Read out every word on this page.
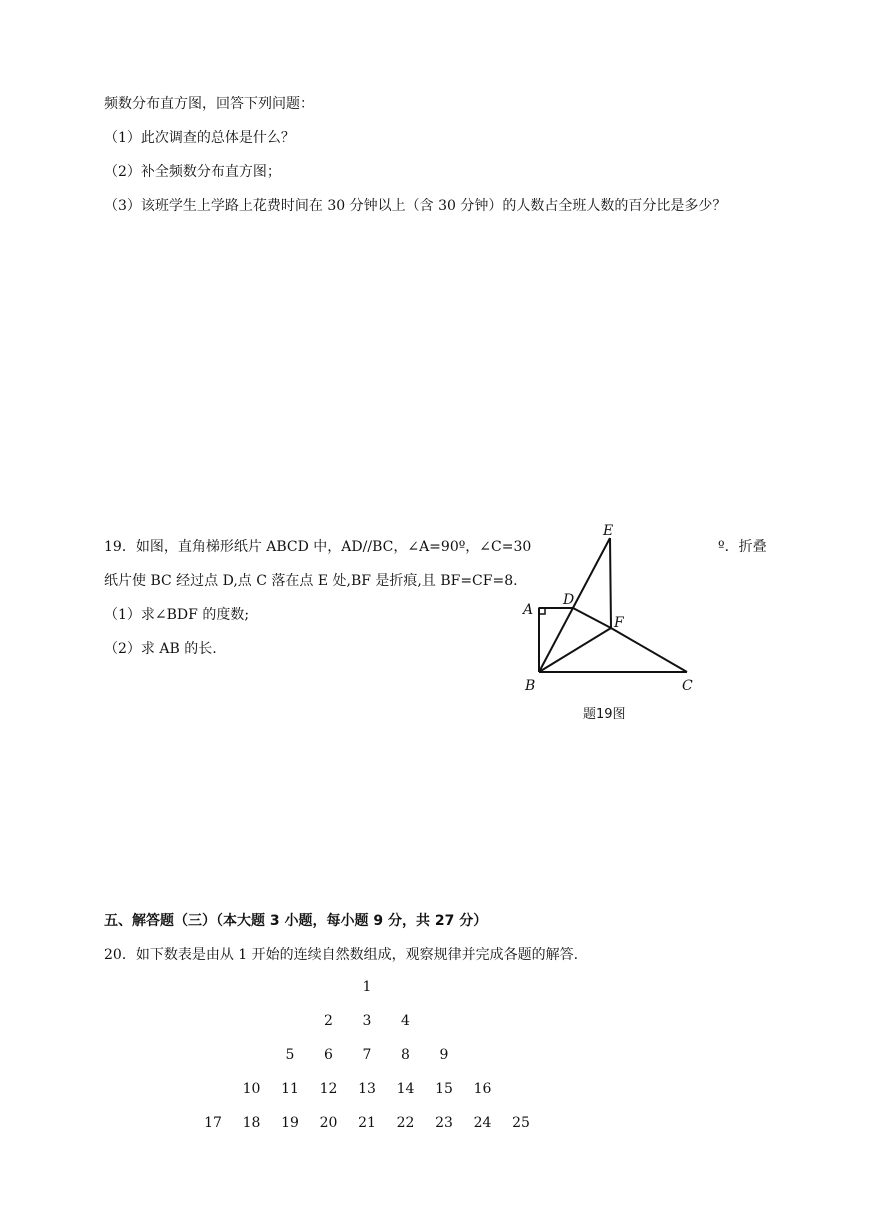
频数分布直方图，回答下列问题：
（1）此次调查的总体是什么？
（2）补全频数分布直方图；
（3）该班学生上学路上花费时间在 30 分钟以上（含 30 分钟）的人数占全班人数的百分比是多少？
19．如图，直角梯形纸片 ABCD 中，AD//BC，∠A=90º，∠C=30	º．折叠
纸片使 BC 经过点 D,点 C 落在点 E 处,BF 是折痕,且 BF=CF=8.
（1）求∠BDF 的度数;
（2）求 AB 的长.
E
A
D
F
B	C
题19图
五、解答题（三）（本大题 3 小题，每小题 9 分，共 27 分）
20．如下数表是由从 1 开始的连续自然数组成，观察规律并完成各题的解答.
1
2	3	4
5	6	7	8	9
10	11	12	13	14	15	16
17	18	19	20	21	22	23	24	25
